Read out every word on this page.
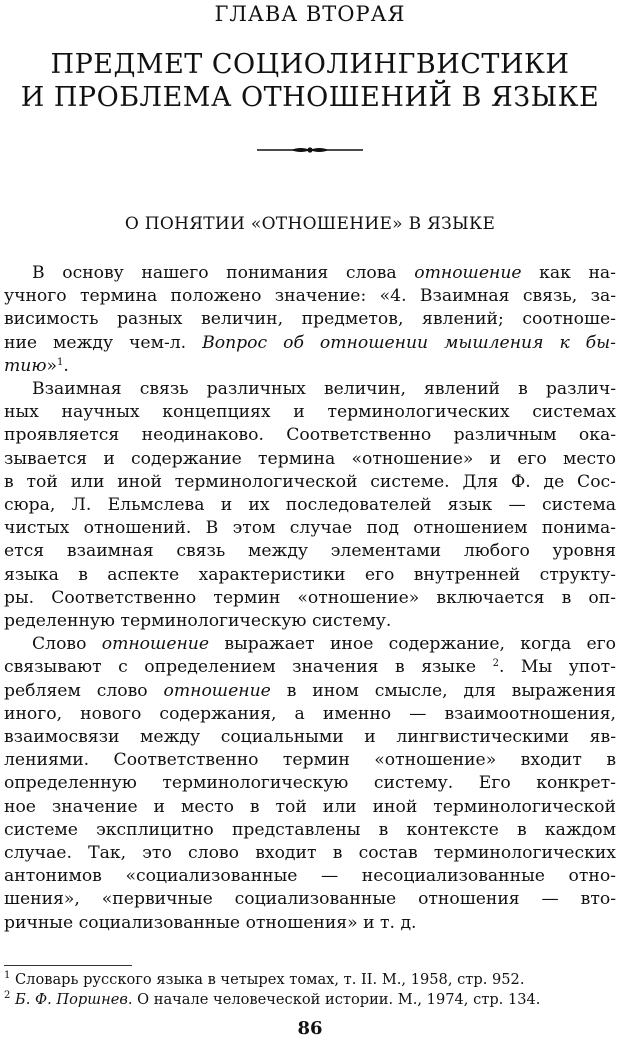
ГЛАВА ВТОРАЯ
ПРЕДМЕТ СОЦИОЛИНГВИСТИКИ
И ПРОБЛЕМА ОТНОШЕНИЙ В ЯЗЫКЕ
О ПОНЯТИИ «ОТНОШЕНИЕ» В ЯЗЫКЕ
В основу нашего понимания слова отношение как на-
учного термина положено значение: «4. Взаимная связь, за-
висимость разных величин, предметов, явлений; соотноше-
ние между чем-л. Вопрос об отношении мышления к бы-
тию»$^1$.
Взаимная связь различных величин, явлений в различ-
ных научных концепциях и терминологических системах
проявляется неодинаково. Соответственно различным ока-
зывается и содержание термина «отношение» и его место
в той или иной терминологической системе. Для Ф. де Сос-
сюра, Л. Ельмслева и их последователей язык — система
чистых отношений. В этом случае под отношением понима-
ется взаимная связь между элементами любого уровня
языка в аспекте характеристики его внутренней структу-
ры. Соответственно термин «отношение» включается в оп-
ределенную терминологическую систему.
Слово отношение выражает иное содержание, когда его
связывают с определением значения в языке $^2$. Мы упот-
ребляем слово отношение в ином смысле, для выражения
иного, нового содержания, а именно — взаимоотношения,
взаимосвязи между социальными и лингвистическими яв-
лениями. Соответственно термин «отношение» входит в
определенную терминологическую систему. Его конкрет-
ное значение и место в той или иной терминологической
системе эксплицитно представлены в контексте в каждом
случае. Так, это слово входит в состав терминологических
антонимов «социализованные — несоциализованные отно-
шения», «первичные социализованные отношения — вто-
ричные социализованные отношения» и т. д.
$^1$ Словарь русского языка в четырех томах, т. II. М., 1958, стр. 952.
$^2$ Б. Ф. Поршнев. О начале человеческой истории. М., 1974, стр. 134.
86
